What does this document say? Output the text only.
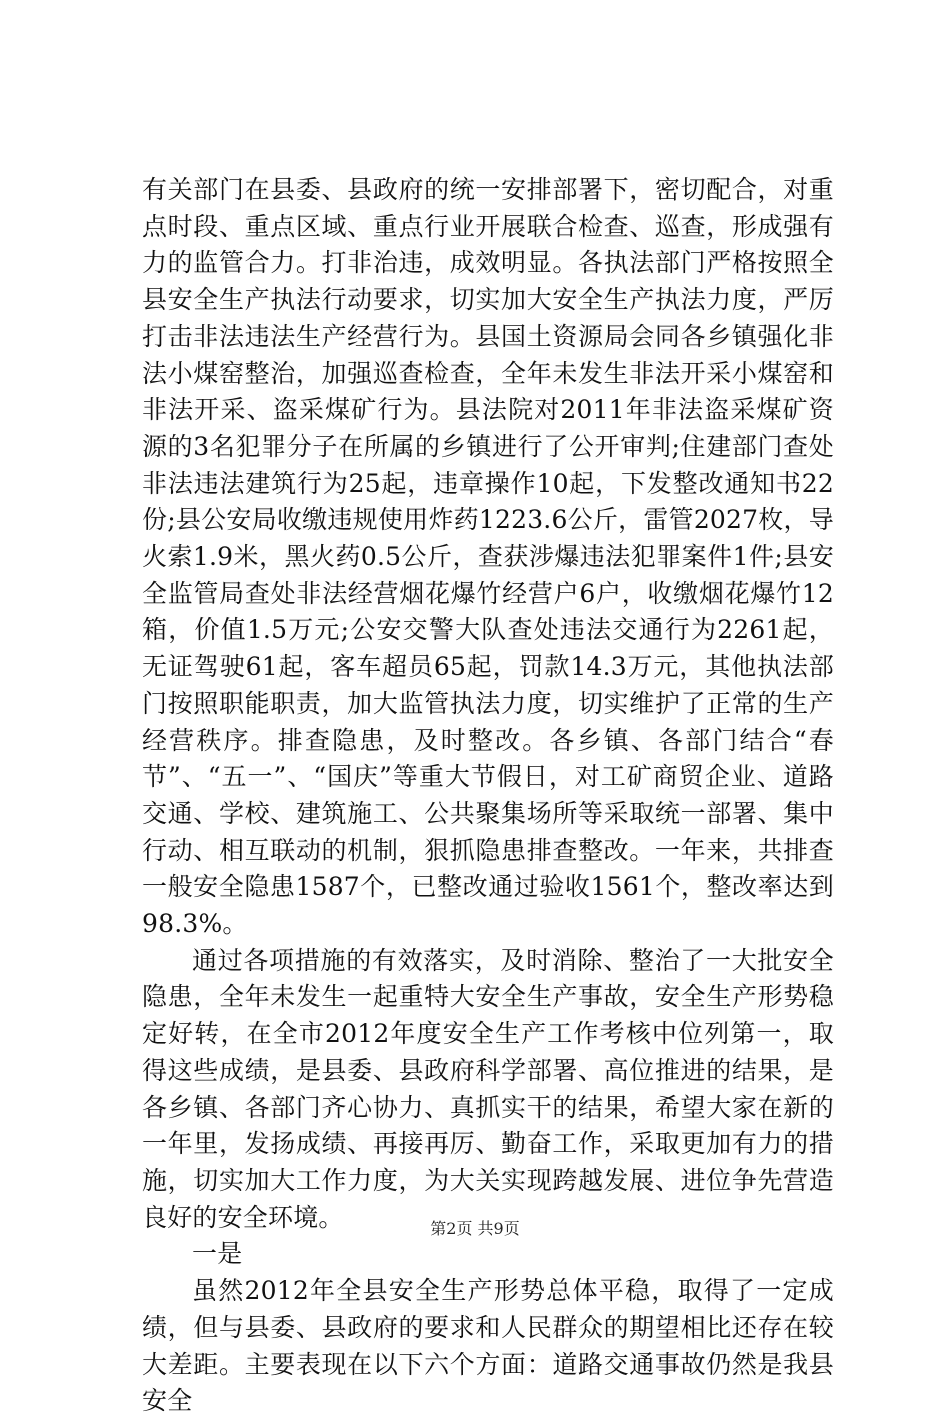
有关部门在县委、县政府的统一安排部署下，密切配合，对重点时段、重点区域、重点行业开展联合检查、巡查，形成强有力的监管合力。打非治违，成效明显。各执法部门严格按照全县安全生产执法行动要求，切实加大安全生产执法力度，严厉打击非法违法生产经营行为。县国土资源局会同各乡镇强化非法小煤窑整治，加强巡查检查，全年未发生非法开采小煤窑和非法开采、盗采煤矿行为。县法院对2011年非法盗采煤矿资源的3名犯罪分子在所属的乡镇进行了公开审判;住建部门查处非法违法建筑行为25起，违章操作10起，下发整改通知书22份;县公安局收缴违规使用炸药1223.6公斤，雷管2027枚，导火索1.9米，黑火药0.5公斤，查获涉爆违法犯罪案件1件;县安全监管局查处非法经营烟花爆竹经营户6户，收缴烟花爆竹12箱，价值1.5万元;公安交警大队查处违法交通行为2261起，无证驾驶61起，客车超员65起，罚款14.3万元，其他执法部门按照职能职责，加大监管执法力度，切实维护了正常的生产经营秩序。排查隐患，及时整改。各乡镇、各部门结合“春节”、“五一”、“国庆”等重大节假日，对工矿商贸企业、道路交通、学校、建筑施工、公共聚集场所等采取统一部署、集中行动、相互联动的机制，狠抓隐患排查整改。一年来，共排查一般安全隐患1587个，已整改通过验收1561个，整改率达到98.3%。

通过各项措施的有效落实，及时消除、整治了一大批安全隐患，全年未发生一起重特大安全生产事故，安全生产形势稳定好转，在全市2012年度安全生产工作考核中位列第一，取得这些成绩，是县委、县政府科学部署、高位推进的结果，是各乡镇、各部门齐心协力、真抓实干的结果，希望大家在新的一年里，发扬成绩、再接再厉、勤奋工作，采取更加有力的措施，切实加大工作力度，为大关实现跨越发展、进位争先营造良好的安全环境。

一是

虽然2012年全县安全生产形势总体平稳，取得了一定成绩，但与县委、县政府的要求和人民群众的期望相比还存在较大差距。主要表现在以下六个方面：道路交通事故仍然是我县安全

第2页 共9页
